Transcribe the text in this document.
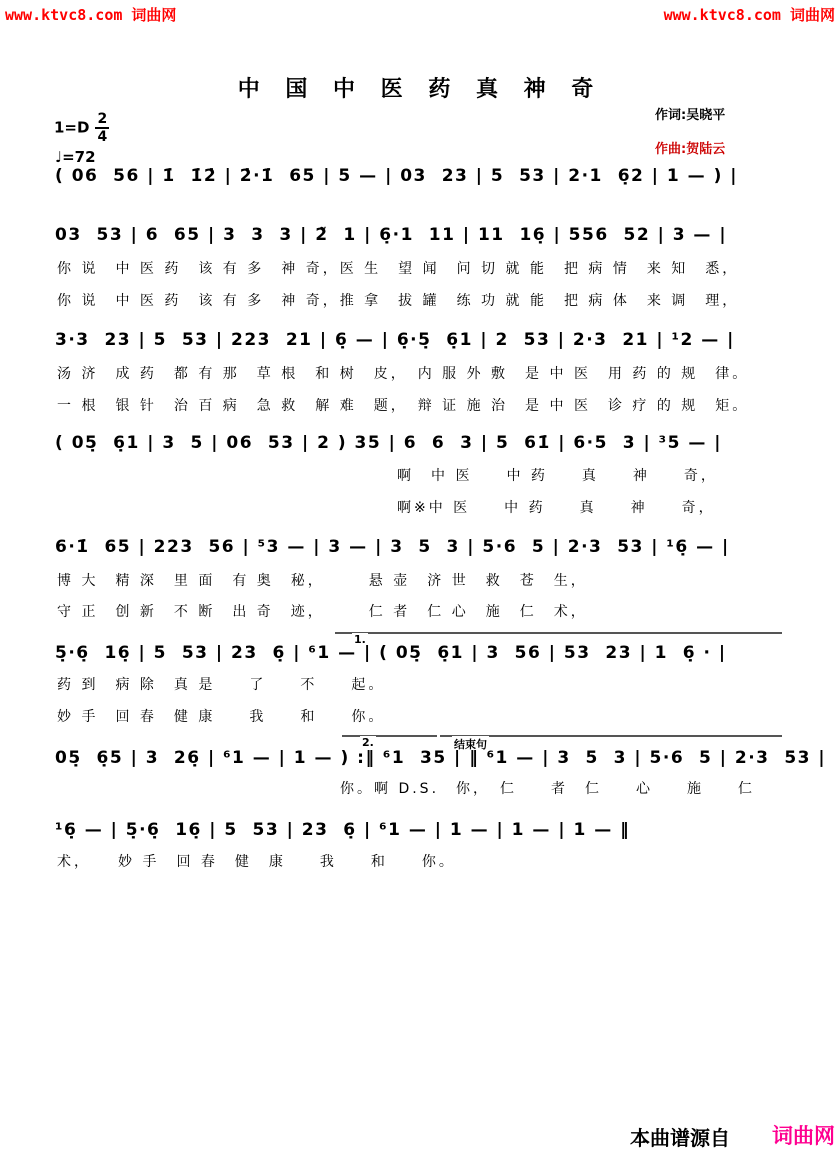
www.ktvc8.com 词曲网	www.ktvc8.com 词曲网
中 国 中 医 药 真 神 奇
作词:吴晓平
作曲:贺陆云
$1=D \frac{2}{4}$
♩=72
( 06  56 | 1̇  1̇2̇ | 2̇·1̇  65 | 5 — | 03  23 | 5  53 | 2·1  6̣2 | 1 — ) |
03  53 | 6  65 | 3  3  3 | 2̃  1 | 6̣·1  11 | 11  16̣ | 556  52 | 3 — |
你 说　中 医 药　该 有 多　神 奇，医 生　望 闻　问 切 就 能　把 病 情　来 知　悉，
你 说　中 医 药　该 有 多　神 奇，推 拿　拔 罐　练 功 就 能　把 病 体　来 调　理，
3·3  23 | 5  53 | 223  21 | 6̣ — | 6̣·5̣  6̣1 | 2  53 | 2·3  21 | ¹2 — |
汤 济　成 药　都 有 那　草 根　和 树　皮，　内 服 外 敷　是 中 医　用 药 的 规　律。
一 根　银 针　治 百 病　急 救　解 难　题，　辩 证 施 治　是 中 医　诊 疗 的 规　矩。
( 05̣  6̣1 | 3  5 | 06  53 | 2 ) 35 | 6  6  3 | 5  61̇ | 6·5  3 | ³5 — |
啊　中 医　　中 药　　真　　神　　奇，
啊※中 医　　中 药　　真　　神　　奇，
6·1̇  65 | 223  56 | ⁵3 — | 3 — | 3  5  3 | 5·6  5 | 2·3  53 | ¹6̣ — |
博 大　精 深　里 面　有 奥　秘，　　　悬 壶　济 世　救　苍　生，
守 正　创 新　不 断　出 奇　迹，　　　仁 者　仁 心　施　仁　术，
1.
5̣·6̣  16̣ | 5  53 | 23  6̣ | ⁶1 — | ( 05̣  6̣1 | 3  56 | 53  23 | 1  6̣ · |
药 到　病 除　真 是　　了　　不　　起。
妙 手　回 春　健 康　　我　　和　　你。
2.	结束句
05̣  6̣5 | 3  26̣ | ⁶1 — | 1 — ) :‖ ⁶1  35 | ‖ ⁶1 — | 3  5  3 | 5·6  5 | 2·3  53 |
你。啊 D.S.　你，　仁　　者　仁　　心　　施　　仁
¹6̣ — | 5̣·6̣  16̣ | 5  53 | 23  6̣ | ⁶1 — | 1 — | 1 — | 1 — ‖
术，　　妙 手　回 春　健　康　　我　　和　　你。
本曲谱源自 词曲网
